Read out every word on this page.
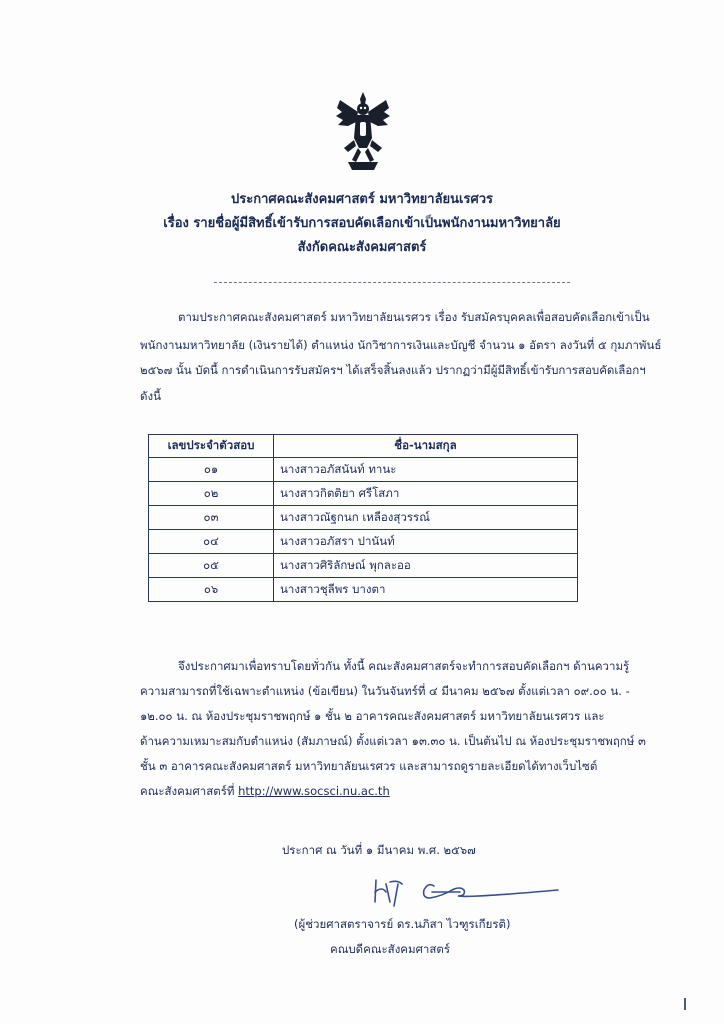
ประกาศคณะสังคมศาสตร์ มหาวิทยาลัยนเรศวร
เรื่อง รายชื่อผู้มีสิทธิ์เข้ารับการสอบคัดเลือกเข้าเป็นพนักงานมหาวิทยาลัย
สังกัดคณะสังคมศาสตร์
ตามประกาศคณะสังคมศาสตร์ มหาวิทยาลัยนเรศวร เรื่อง รับสมัครบุคคลเพื่อสอบคัดเลือกเข้าเป็น
พนักงานมหาวิทยาลัย (เงินรายได้) ตำแหน่ง นักวิชาการเงินและบัญชี จำนวน ๑ อัตรา ลงวันที่ ๕ กุมภาพันธ์
๒๕๖๗ นั้น บัดนี้ การดำเนินการรับสมัครฯ ได้เสร็จสิ้นลงแล้ว ปรากฏว่ามีผู้มีสิทธิ์เข้ารับการสอบคัดเลือกฯ
ดังนี้
เลขประจำตัวสอบ	ชื่อ-นามสกุล
๐๑	นางสาวอภัสนันท์ ทานะ
๐๒	นางสาวกิตติยา ศรีโสภา
๐๓	นางสาวณัฐกนก เหลืองสุวรรณ์
๐๔	นางสาวอภัสรา ปานันท์
๐๕	นางสาวศิริลักษณ์ พุกละออ
๐๖	นางสาวชุลีพร บางตา
จึงประกาศมาเพื่อทราบโดยทั่วกัน ทั้งนี้ คณะสังคมศาสตร์จะทำการสอบคัดเลือกฯ ด้านความรู้
ความสามารถที่ใช้เฉพาะตำแหน่ง (ข้อเขียน) ในวันจันทร์ที่ ๔ มีนาคม ๒๕๖๗ ตั้งแต่เวลา ๐๙.๐๐ น. -
๑๒.๐๐ น. ณ ห้องประชุมราชพฤกษ์ ๑ ชั้น ๒ อาคารคณะสังคมศาสตร์ มหาวิทยาลัยนเรศวร และ
ด้านความเหมาะสมกับตำแหน่ง (สัมภาษณ์) ตั้งแต่เวลา ๑๓.๓๐ น. เป็นต้นไป ณ ห้องประชุมราชพฤกษ์ ๓
ชั้น ๓ อาคารคณะสังคมศาสตร์ มหาวิทยาลัยนเรศวร และสามารถดูรายละเอียดได้ทางเว็บไซต์
คณะสังคมศาสตร์ที่ http://www.socsci.nu.ac.th
ประกาศ ณ วันที่ ๑ มีนาคม พ.ศ. ๒๕๖๗
(ผู้ช่วยศาสตราจารย์ ดร.นภิสา ไวฑูรเกียรติ)
คณบดีคณะสังคมศาสตร์
